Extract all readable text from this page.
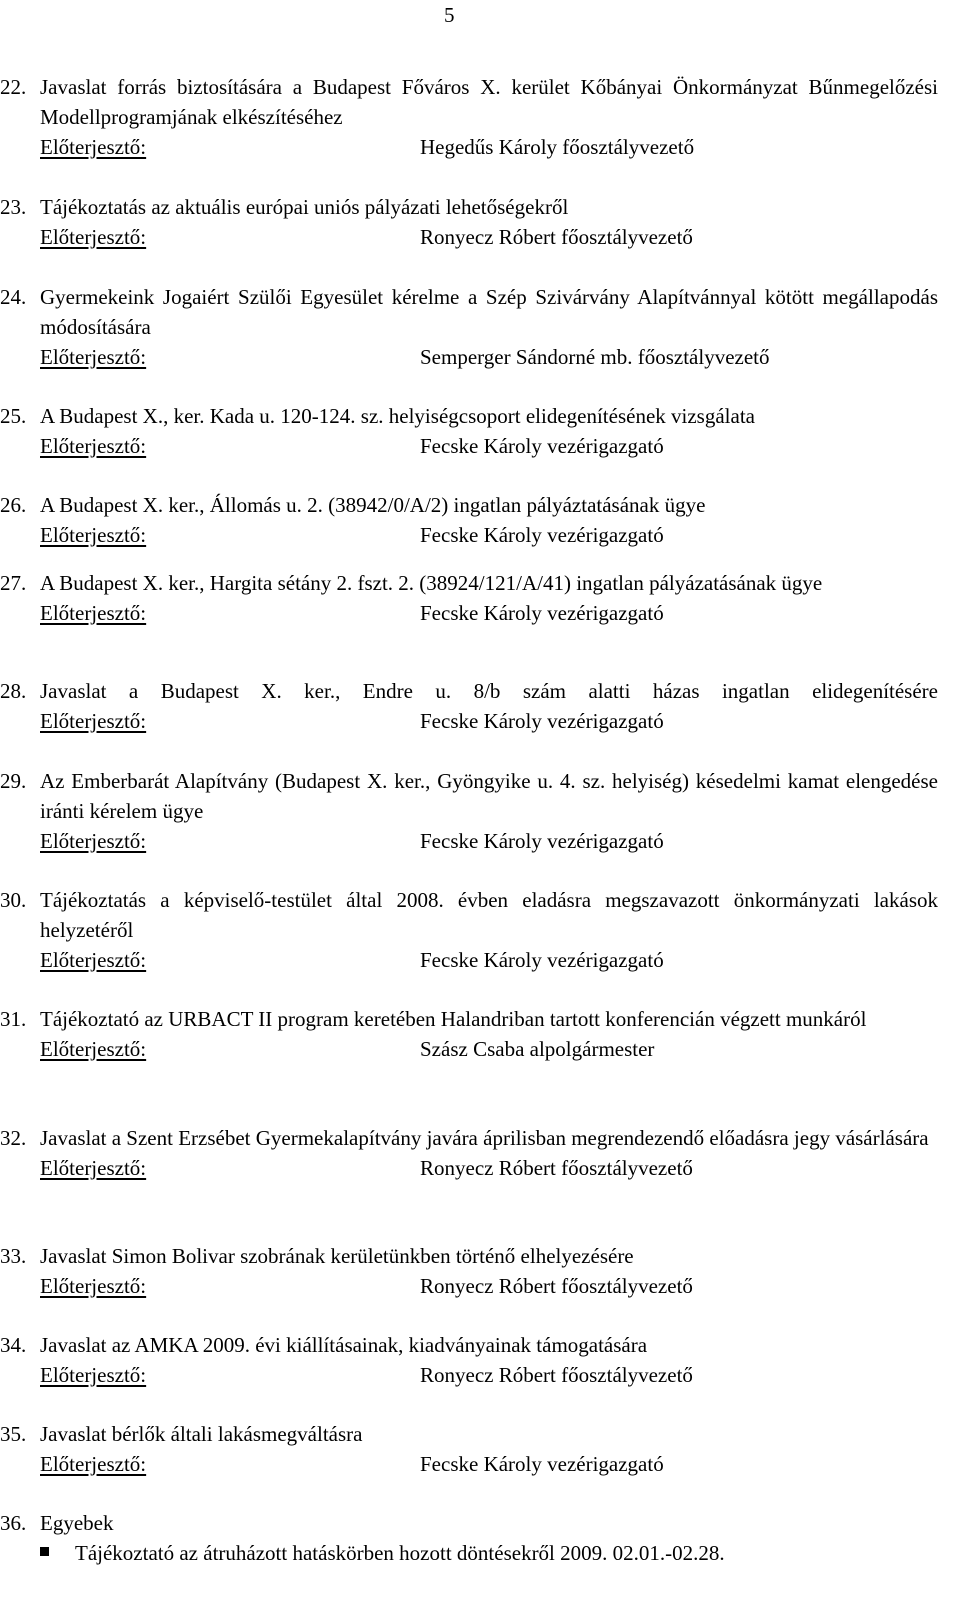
5
22. Javaslat forrás biztosítására a Budapest Főváros X. kerület Kőbányai Önkormányzat Bűnmegelőzési Modellprogramjának elkészítéséhez
Előterjesztő:	Hegedűs Károly főosztályvezető
23. Tájékoztatás az aktuális európai uniós pályázati lehetőségekről
Előterjesztő:	Ronyecz Róbert főosztályvezető
24. Gyermekeink Jogaiért Szülői Egyesület kérelme a Szép Szivárvány Alapítvánnyal kötött megállapodás módosítására
Előterjesztő:	Semperger Sándorné mb. főosztályvezető
25. A Budapest X., ker. Kada u. 120-124. sz. helyiségcsoport elidegenítésének vizsgálata
Előterjesztő:	Fecske Károly vezérigazgató
26. A Budapest X. ker., Állomás u. 2. (38942/0/A/2) ingatlan pályáztatásának ügye
Előterjesztő:	Fecske Károly vezérigazgató
27. A Budapest X. ker., Hargita sétány 2. fszt. 2. (38924/121/A/41) ingatlan pályázatásának ügye
Előterjesztő:	Fecske Károly vezérigazgató
28. Javaslat a Budapest X. ker., Endre u. 8/b szám alatti házas ingatlan elidegenítésére
Előterjesztő:	Fecske Károly vezérigazgató
29. Az Emberbarát Alapítvány (Budapest X. ker., Gyöngyike u. 4. sz. helyiség) késedelmi kamat elengedése iránti kérelem ügye
Előterjesztő:	Fecske Károly vezérigazgató
30. Tájékoztatás a képviselő-testület által 2008. évben eladásra megszavazott önkormányzati lakások helyzetéről
Előterjesztő:	Fecske Károly vezérigazgató
31. Tájékoztató az URBACT II program keretében Halandriban tartott konferencián végzett munkáról
Előterjesztő:	Szász Csaba alpolgármester
32. Javaslat a Szent Erzsébet Gyermekalapítvány javára áprilisban megrendezendő előadásra jegy vásárlására
Előterjesztő:	Ronyecz Róbert főosztályvezető
33. Javaslat Simon Bolivar szobrának kerületünkben történő elhelyezésére
Előterjesztő:	Ronyecz Róbert főosztályvezető
34. Javaslat az AMKA 2009. évi kiállításainak, kiadványainak támogatására
Előterjesztő:	Ronyecz Róbert főosztályvezető
35. Javaslat bérlők általi lakásmegváltásra
Előterjesztő:	Fecske Károly vezérigazgató
36. Egyebek
Tájékoztató az átruházott hatáskörben hozott döntésekről 2009. 02.01.-02.28.
